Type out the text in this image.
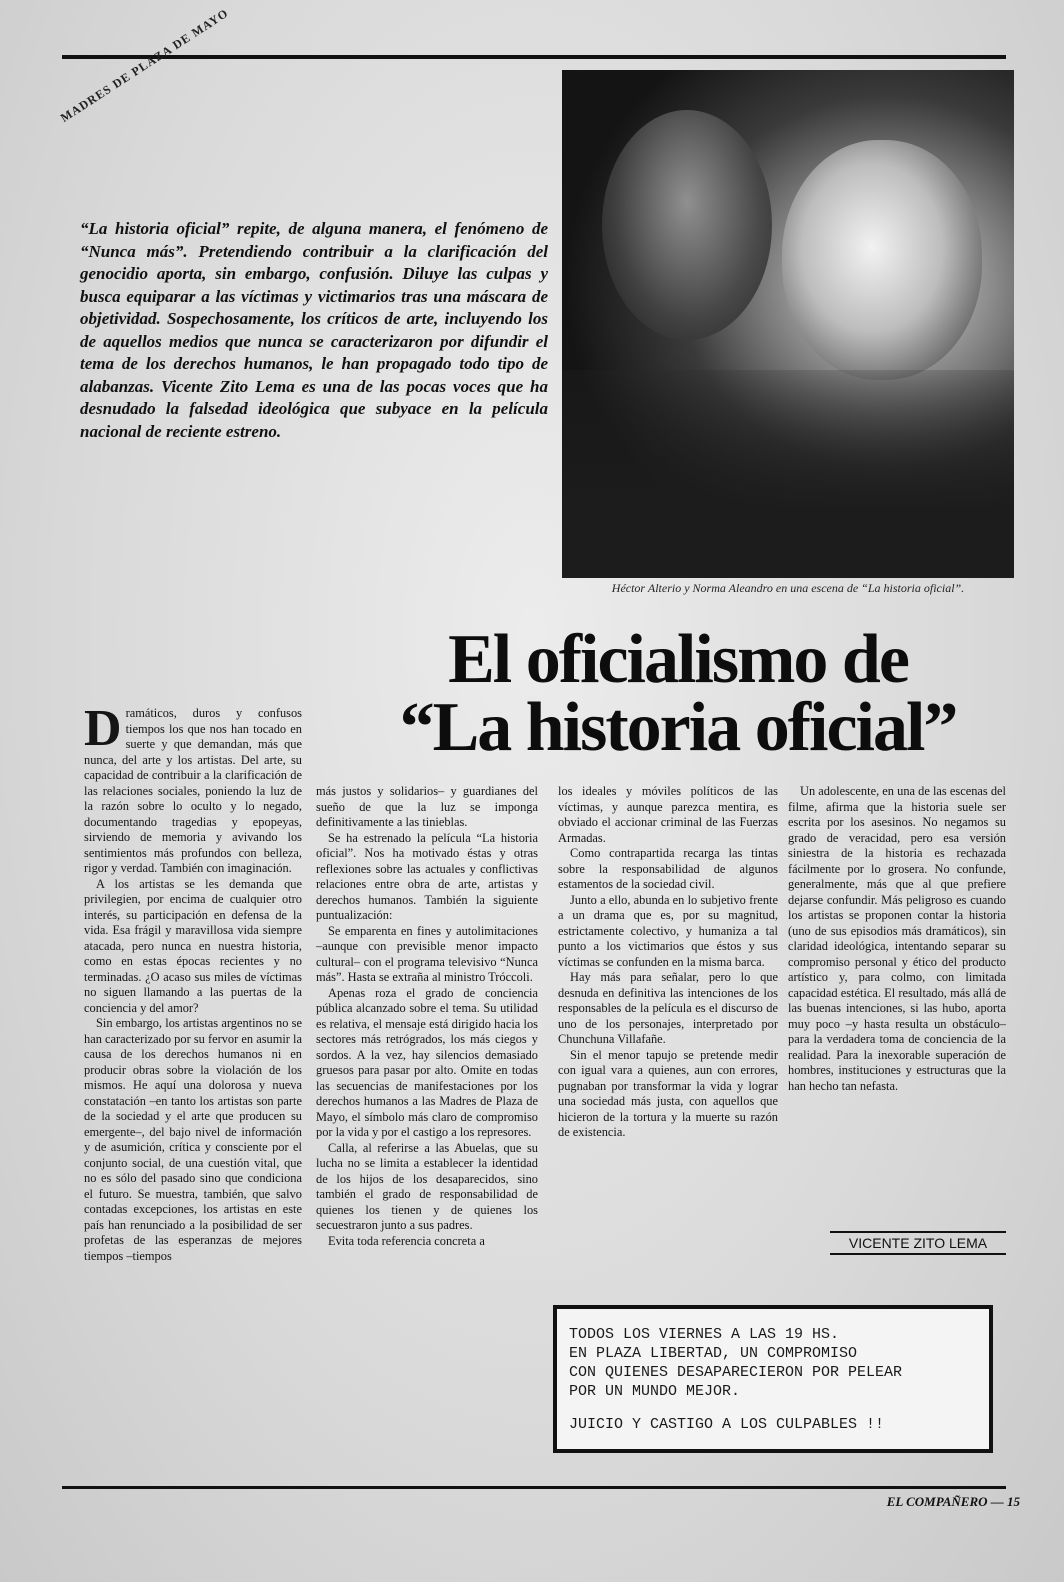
MADRES DE PLAZA DE MAYO
“La historia oficial” repite, de alguna manera, el fenómeno de “Nunca más”. Pretendiendo contribuir a la clarificación del genocidio aporta, sin embargo, confusión. Diluye las culpas y busca equiparar a las víctimas y victimarios tras una máscara de objetividad. Sospechosamente, los críticos de arte, incluyendo los de aquellos medios que nunca se caracterizaron por difundir el tema de los derechos humanos, le han propagado todo tipo de alabanzas. Vicente Zito Lema es una de las pocas voces que ha desnudado la falsedad ideológica que subyace en la película nacional de reciente estreno.
Héctor Alterio y Norma Aleandro en una escena de “La historia oficial”.
El oficialismo de
“La historia oficial”

Dramáticos, duros y confusos tiempos los que nos han tocado en suerte y que demandan, más que nunca, del arte y los artistas. Del arte, su capacidad de contribuir a la clarificación de las relaciones sociales, poniendo la luz de la razón sobre lo oculto y lo negado, documentando tragedias y epopeyas, sirviendo de memoria y avivando los sentimientos más profundos con belleza, rigor y verdad. También con imaginación.

A los artistas se les demanda que privilegien, por encima de cualquier otro interés, su participación en defensa de la vida. Esa frágil y maravillosa vida siempre atacada, pero nunca en nuestra historia, como en estas épocas recientes y no terminadas. ¿O acaso sus miles de víctimas no siguen llamando a las puertas de la conciencia y del amor?

Sin embargo, los artistas argentinos no se han caracterizado por su fervor en asumir la causa de los derechos humanos ni en producir obras sobre la violación de los mismos. He aquí una dolorosa y nueva constatación –en tanto los artistas son parte de la sociedad y el arte que producen su emergente–, del bajo nivel de información y de asumición, crítica y consciente por el conjunto social, de una cuestión vital, que no es sólo del pasado sino que condiciona el futuro. Se muestra, también, que salvo contadas excepciones, los artistas en este país han renunciado a la posibilidad de ser profetas de las esperanzas de mejores tiempos –tiempos

más justos y solidarios– y guardianes del sueño de que la luz se imponga definitivamente a las tinieblas.

Se ha estrenado la película “La historia oficial”. Nos ha motivado éstas y otras reflexiones sobre las actuales y conflictivas relaciones entre obra de arte, artistas y derechos humanos. También la siguiente puntualización:

Se emparenta en fines y autolimitaciones –aunque con previsible menor impacto cultural– con el programa televisivo “Nunca más”. Hasta se extraña al ministro Tróccoli.

Apenas roza el grado de conciencia pública alcanzado sobre el tema. Su utilidad es relativa, el mensaje está dirigido hacia los sectores más retrógrados, los más ciegos y sordos. A la vez, hay silencios demasiado gruesos para pasar por alto. Omite en todas las secuencias de manifestaciones por los derechos humanos a las Madres de Plaza de Mayo, el símbolo más claro de compromiso por la vida y por el castigo a los represores.

Calla, al referirse a las Abuelas, que su lucha no se limita a establecer la identidad de los hijos de los desaparecidos, sino también el grado de responsabilidad de quienes los tienen y de quienes los secuestraron junto a sus padres.

Evita toda referencia concreta a

los ideales y móviles políticos de las víctimas, y aunque parezca mentira, es obviado el accionar criminal de las Fuerzas Armadas.

Como contrapartida recarga las tintas sobre la responsabilidad de algunos estamentos de la sociedad civil.

Junto a ello, abunda en lo subjetivo frente a un drama que es, por su magnitud, estrictamente colectivo, y humaniza a tal punto a los victimarios que éstos y sus víctimas se confunden en la misma barca.

Hay más para señalar, pero lo que desnuda en definitiva las intenciones de los responsables de la película es el discurso de uno de los personajes, interpretado por Chunchuna Villafañe.

Sin el menor tapujo se pretende medir con igual vara a quienes, aun con errores, pugnaban por transformar la vida y lograr una sociedad más justa, con aquellos que hicieron de la tortura y la muerte su razón de existencia.

Un adolescente, en una de las escenas del filme, afirma que la historia suele ser escrita por los asesinos. No negamos su grado de veracidad, pero esa versión siniestra de la historia es rechazada fácilmente por lo grosera. No confunde, generalmente, más que al que prefiere dejarse confundir. Más peligroso es cuando los artistas se proponen contar la historia (uno de sus episodios más dramáticos), sin claridad ideológica, intentando separar su compromiso personal y ético del producto artístico y, para colmo, con limitada capacidad estética. El resultado, más allá de las buenas intenciones, si las hubo, aporta muy poco –y hasta resulta un obstáculo– para la verdadera toma de conciencia de la realidad. Para la inexorable superación de hombres, instituciones y estructuras que la han hecho tan nefasta.

VICENTE ZITO LEMA
TODOS LOS VIERNES A LAS 19 HS.
EN PLAZA LIBERTAD, UN COMPROMISO
CON QUIENES DESAPARECIERON POR PELEAR
POR UN MUNDO MEJOR.
JUICIO Y CASTIGO A LOS CULPABLES !!
EL COMPAÑERO — 15
